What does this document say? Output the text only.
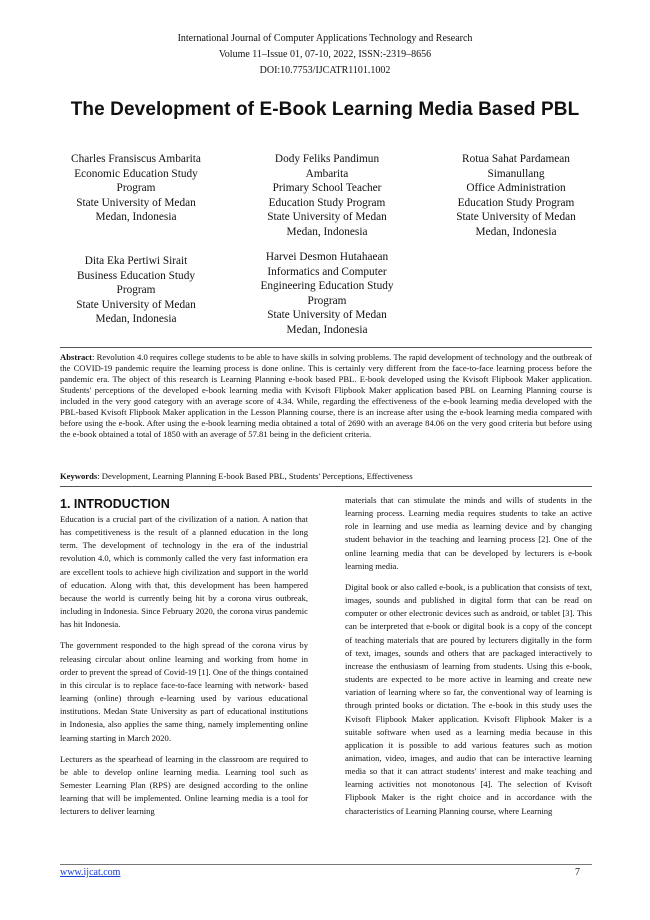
International Journal of Computer Applications Technology and Research
Volume 11–Issue 01, 07-10, 2022, ISSN:-2319–8656
DOI:10.7753/IJCATR1101.1002
The Development of E-Book Learning Media Based PBL
Charles Fransiscus Ambarita
Economic Education Study
Program
State University of Medan
Medan, Indonesia
Dody Feliks Pandimun
Ambarita
Primary School Teacher
Education Study Program
State University of Medan
Medan, Indonesia
Rotua Sahat Pardamean
Simanullang
Office Administration
Education Study Program
State University of Medan
Medan, Indonesia
Dita Eka Pertiwi Sirait
Business Education Study
Program
State University of Medan
Medan, Indonesia
Harvei Desmon Hutahaean
Informatics and Computer
Engineering Education Study
Program
State University of Medan
Medan, Indonesia
Abstract: Revolution 4.0 requires college students to be able to have skills in solving problems. The rapid development of technology and the outbreak of the COVID-19 pandemic require the learning process is done online. This is certainly very different from the face-to-face learning process before the pandemic era. The object of this research is Learning Planning e-book based PBL. E-book developed using the Kvisoft Flipbook Maker application. Students' perceptions of the developed e-book learning media with Kvisoft Flipbook Maker application based PBL on Learning Planning course is included in the very good category with an average score of 4.34. While, regarding the effectiveness of the e-book learning media developed with the PBL-based Kvisoft Flipbook Maker application in the Lesson Planning course, there is an increase after using the e-book learning media compared with before using the e-book. After using the e-book learning media obtained a total of 2690 with an average 84.06 on the very good criteria but before using the e-book obtained a total of 1850 with an average of 57.81 being in the deficient criteria.
Keywords: Development, Learning Planning E-book Based PBL, Students' Perceptions, Effectiveness
1. INTRODUCTION

Education is a crucial part of the civilization of a nation. A nation that has competitiveness is the result of a planned education in the long term. The development of technology in the era of the industrial revolution 4.0, which is commonly called the very fast information era are excellent tools to achieve high civilization and support in the world of education. Along with that, this development has been hampered because the world is currently being hit by a corona virus outbreak, including in Indonesia. Since February 2020, the corona virus pandemic has hit Indonesia.

The government responded to the high spread of the corona virus by releasing circular about online learning and working from home in order to prevent the spread of Covid-19 [1]. One of the things contained in this circular is to replace face-to-face learning with network- based learning (online) through e-learning used by various educational institutions. Medan State University as part of educational institutions in Indonesia, also applies the same thing, namely implementing online learning starting in March 2020.

Lecturers as the spearhead of learning in the classroom are required to be able to develop online learning media. Learning tool such as Semester Learning Plan (RPS) are designed according to the online learning that will be implemented. Online learning media is a tool for lecturers to deliver learning

materials that can stimulate the minds and wills of students in the learning process. Learning media requires students to take an active role in learning and use media as learning device and by changing student behavior in the teaching and learning process [2]. One of the online learning media that can be developed by lecturers is e-book learning media.

Digital book or also called e-book, is a publication that consists of text, images, sounds and published in digital form that can be read on computer or other electronic devices such as android, or tablet [3]. This can be interpreted that e-book or digital book is a copy of the concept of teaching materials that are poured by lecturers digitally in the form of text, images, sounds and others that are packaged interactively to increase the enthusiasm of learning from students. Using this e-book, students are expected to be more active in learning and create new variation of learning where so far, the conventional way of learning is through printed books or dictation. The e-book in this study uses the Kvisoft Flipbook Maker application. Kvisoft Flipbook Maker is a suitable software when used as a learning media because in this application it is possible to add various features such as motion animation, video, images, and audio that can be interactive learning media so that it can attract students' interest and make teaching and learning activities not monotonous [4]. The selection of Kvisoft Flipbook Maker is the right choice and in accordance with the characteristics of Learning Planning course, where Learning

www.ijcat.com	7
